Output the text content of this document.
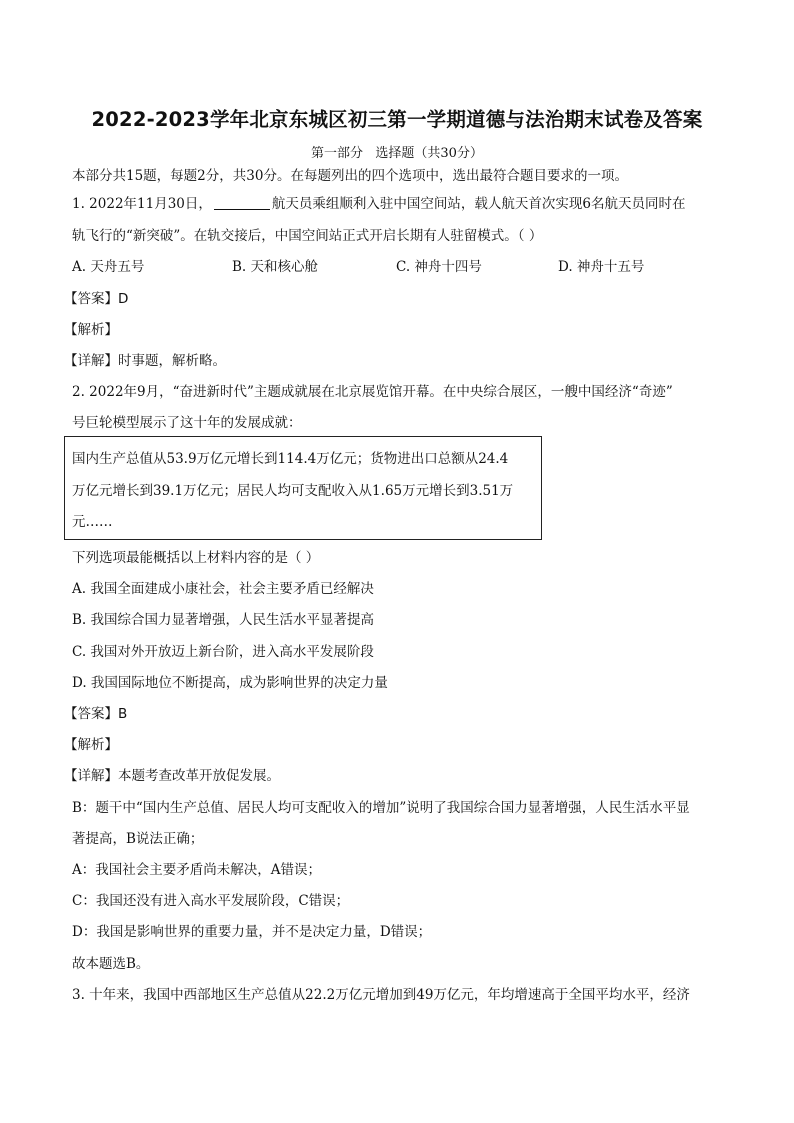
2022-2023学年北京东城区初三第一学期道德与法治期末试卷及答案
第一部分   选择题（共30分）
本部分共15题，每题2分，共30分。在每题列出的四个选项中，选出最符合题目要求的一项。
1. 2022年11月30日，	航天员乘组顺利入驻中国空间站，载人航天首次实现6名航天员同时在
轨飞行的“新突破”。在轨交接后，中国空间站正式开启长期有人驻留模式。（ ）
A. 天舟五号	B. 天和核心舱	C. 神舟十四号	D. 神舟十五号
【答案】D
【解析】
【详解】时事题，解析略。
2. 2022年9月，“奋进新时代”主题成就展在北京展览馆开幕。在中央综合展区，一艘中国经济“奇迹”
号巨轮模型展示了这十年的发展成就：
国内生产总值从53.9万亿元增长到114.4万亿元；货物进出口总额从24.4
万亿元增长到39.1万亿元；居民人均可支配收入从1.65万元增长到3.51万
元……
下列选项最能概括以上材料内容的是（ ）
A. 我国全面建成小康社会，社会主要矛盾已经解决
B. 我国综合国力显著增强，人民生活水平显著提高
C. 我国对外开放迈上新台阶，进入高水平发展阶段
D. 我国国际地位不断提高，成为影响世界的决定力量
【答案】B
【解析】
【详解】本题考查改革开放促发展。
B：题干中“国内生产总值、居民人均可支配收入的增加”说明了我国综合国力显著增强，人民生活水平显
著提高，B说法正确；
A：我国社会主要矛盾尚未解决，A错误；
C：我国还没有进入高水平发展阶段，C错误；
D：我国是影响世界的重要力量，并不是决定力量，D错误；
故本题选B。
3. 十年来，我国中西部地区生产总值从22.2万亿元增加到49万亿元，年均增速高于全国平均水平，经济
